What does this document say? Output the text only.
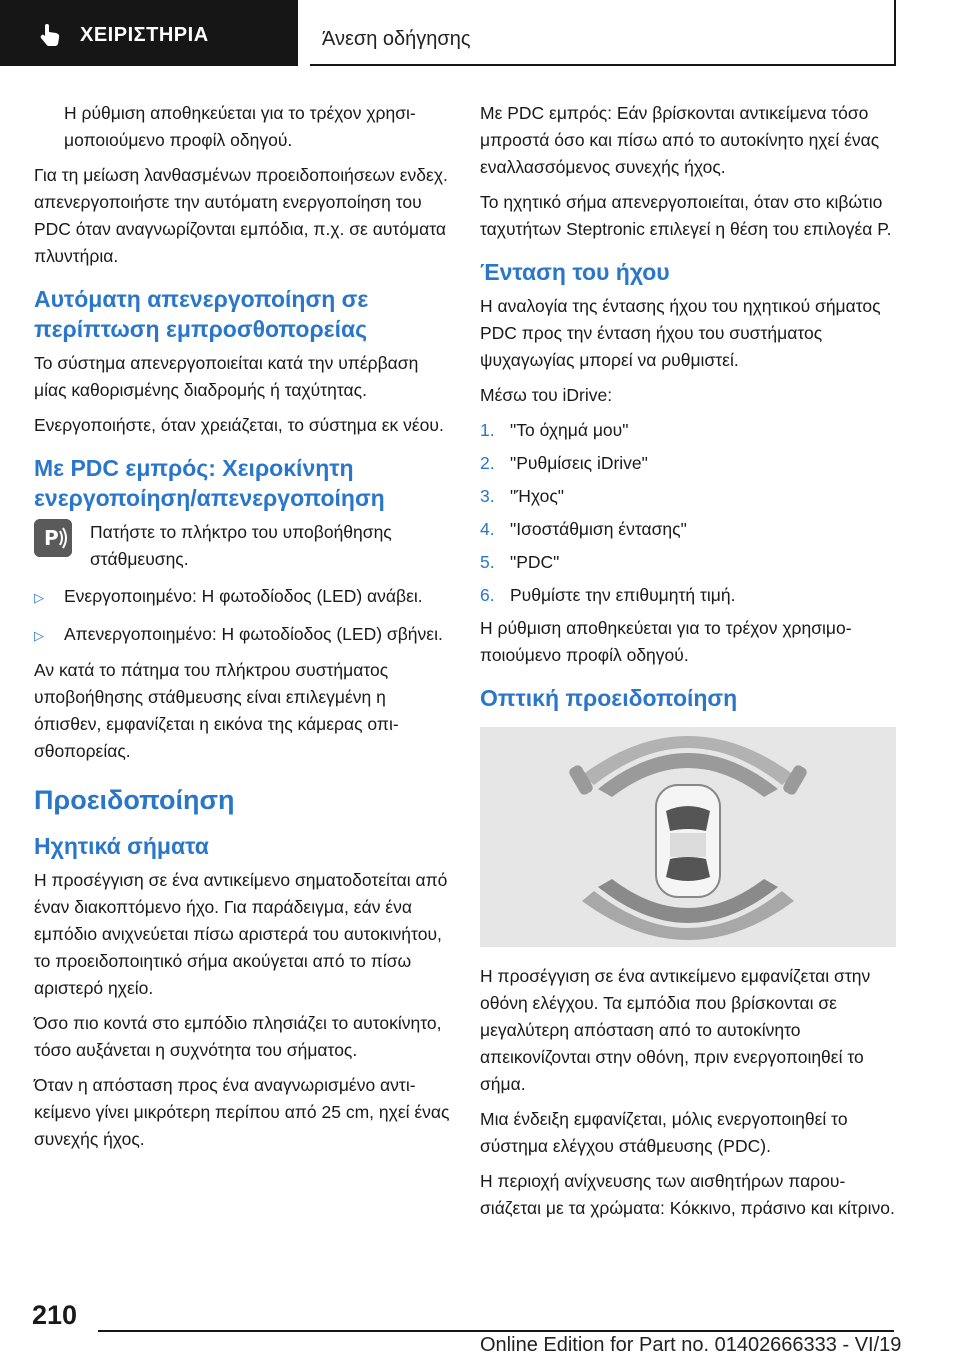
ΧΕΙΡΙΣΤΗΡΙΑ	Άνεση οδήγησης

Η ρύθμιση αποθηκεύεται για το τρέχον χρησιμοποιούμενο προφίλ οδηγού.

Για τη μείωση λανθασμένων προειδοποιήσεων ενδεχ. απενεργοποιήστε την αυτόματη ενεργοποίηση του PDC όταν αναγνωρίζονται εμπόδια, π.χ. σε αυτόματα πλυντήρια.

Αυτόματη απενεργοποίηση σε περίπτωση εμπροσθοπορείας

Το σύστημα απενεργοποιείται κατά την υπέρβαση μίας καθορισμένης διαδρομής ή ταχύτητας.

Ενεργοποιήστε, όταν χρειάζεται, το σύστημα εκ νέου.

Με PDC εμπρός: Χειροκίνητη ενεργοποίηση/απενεργοποίηση
P Πατήστε το πλήκτρο του υποβοήθησης στάθμευσης.
▷	Ενεργοποιημένο: Η φωτοδίοδος (LED) ανάβει.
▷	Απενεργοποιημένο: Η φωτοδίοδος (LED) σβήνει.

Αν κατά το πάτημα του πλήκτρου συστήματος υποβοήθησης στάθμευσης είναι επιλεγμένη η όπισθεν, εμφανίζεται η εικόνα της κάμερας οπισθοπορείας.

Προειδοποίηση
Ηχητικά σήματα

Η προσέγγιση σε ένα αντικείμενο σηματοδοτείται από έναν διακοπτόμενο ήχο. Για παράδειγμα, εάν ένα εμπόδιο ανιχνεύεται πίσω αριστερά του αυτοκινήτου, το προειδοποιητικό σήμα ακούγεται από το πίσω αριστερό ηχείο.

Όσο πιο κοντά στο εμπόδιο πλησιάζει το αυτοκίνητο, τόσο αυξάνεται η συχνότητα του σήματος.

Όταν η απόσταση προς ένα αναγνωρισμένο αντικείμενο γίνει μικρότερη περίπου από 25 cm, ηχεί ένας συνεχής ήχος.

Με PDC εμπρός: Εάν βρίσκονται αντικείμενα τόσο μπροστά όσο και πίσω από το αυτοκίνητο ηχεί ένας εναλλασσόμενος συνεχής ήχος.

Το ηχητικό σήμα απενεργοποιείται, όταν στο κιβώτιο ταχυτήτων Steptronic επιλεγεί η θέση του επιλογέα P.

Ένταση του ήχου

Η αναλογία της έντασης ήχου του ηχητικού σήματος PDC προς την ένταση ήχου του συστήματος ψυχαγωγίας μπορεί να ρυθμιστεί.

Μέσω του iDrive:

1. "Το όχημά μου"
2. "Ρυθμίσεις iDrive"
3. "Ήχος"
4. "Ισοστάθμιση έντασης"
5. "PDC"
6. Ρυθμίστε την επιθυμητή τιμή.

Η ρύθμιση αποθηκεύεται για το τρέχον χρησιμοποιούμενο προφίλ οδηγού.

Οπτική προειδοποίηση

Η προσέγγιση σε ένα αντικείμενο εμφανίζεται στην οθόνη ελέγχου. Τα εμπόδια που βρίσκονται σε μεγαλύτερη απόσταση από το αυτοκίνητο απεικονίζονται στην οθόνη, πριν ενεργοποιηθεί το σήμα.

Μια ένδειξη εμφανίζεται, μόλις ενεργοποιηθεί το σύστημα ελέγχου στάθμευσης (PDC).

Η περιοχή ανίχνευσης των αισθητήρων παρουσιάζεται με τα χρώματα: Κόκκινο, πράσινο και κίτρινο.

210
Online Edition for Part no. 01402666333 - VI/19
